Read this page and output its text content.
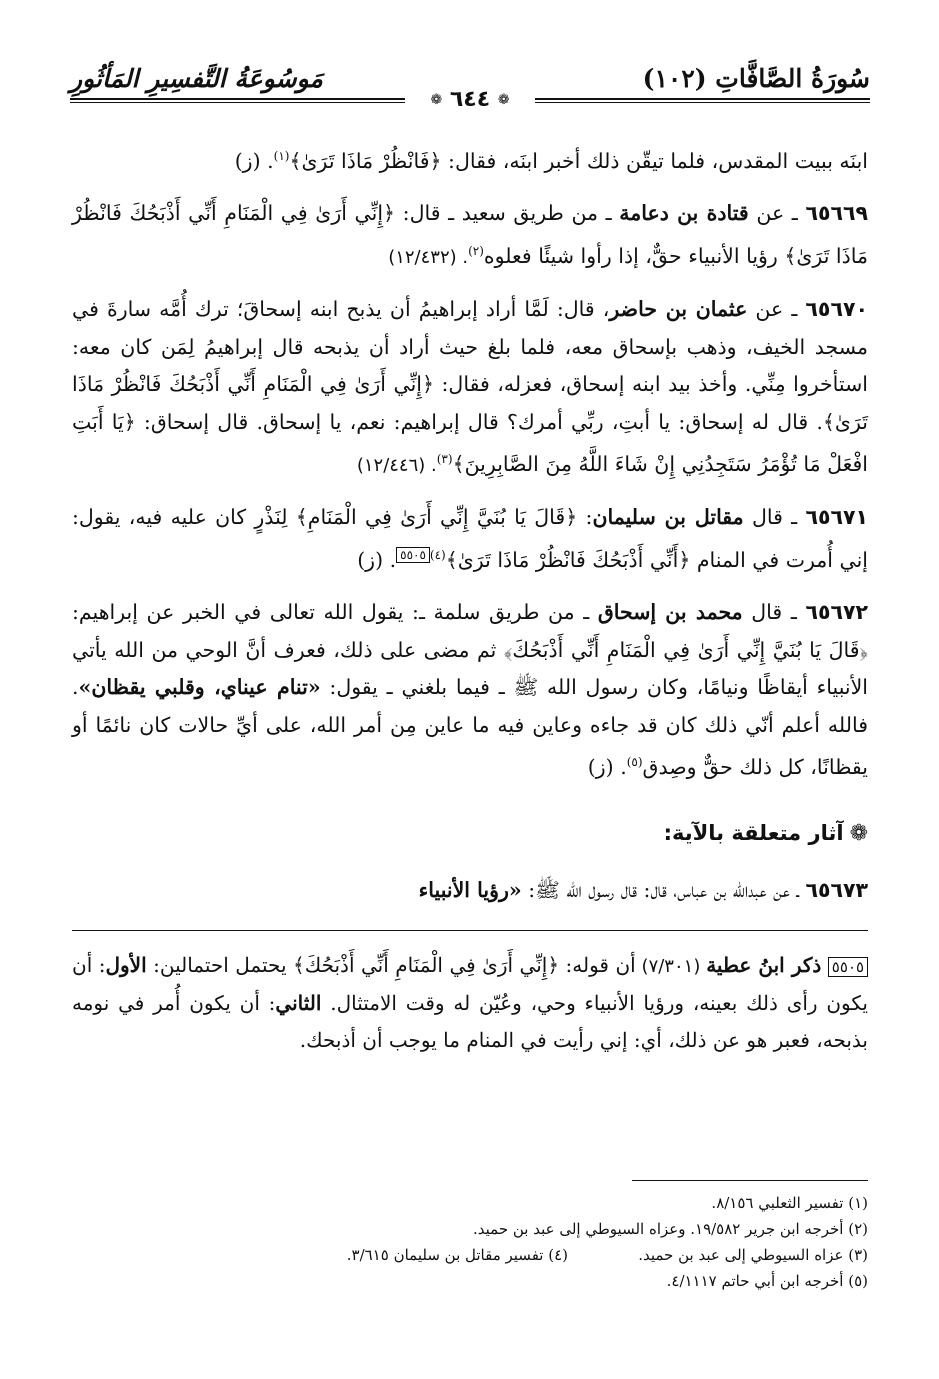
سُورَةُ الصَّافَّاتِ (١٠٢)
مَوسُوعَةُ التَّفسِيرِ المَأثُورِ
❁ ٦٤٤ ❁

ابنَه ببيت المقدس، فلما تيقّن ذلك أخبر ابنَه، فقال: ﴿فَانْظُرْ مَاذَا تَرَىٰ﴾$^{(١)}$. (ز)

٦٥٦٦٩ ـ عن قتادة بن دعامة ـ من طريق سعيد ـ قال: ﴿إِنِّي أَرَىٰ فِي الْمَنَامِ أَنِّي أَذْبَحُكَ فَانْظُرْ مَاذَا تَرَىٰ﴾ رؤيا الأنبياء حقٌّ، إذا رأوا شيئًا فعلوه$^{(٢)}$. (١٢/٤٣٢)

٦٥٦٧٠ ـ عن عثمان بن حاضر، قال: لَمَّا أراد إبراهيمُ أن يذبح ابنه إسحاقَ؛ ترك أُمَّه سارةَ في مسجد الخيف، وذهب بإسحاق معه، فلما بلغ حيث أراد أن يذبحه قال إبراهيمُ لِمَن كان معه: استأخروا مِنِّي. وأخذ بيد ابنه إسحاق، فعزله، فقال: ﴿إِنِّي أَرَىٰ فِي الْمَنَامِ أَنِّي أَذْبَحُكَ فَانْظُرْ مَاذَا تَرَىٰ﴾. قال له إسحاق: يا أبتِ، ربِّي أمرك؟ قال إبراهيم: نعم، يا إسحاق. قال إسحاق: ﴿يَا أَبَتِ افْعَلْ مَا تُؤْمَرُ سَتَجِدُنِي إِنْ شَاءَ اللَّهُ مِنَ الصَّابِرِينَ﴾$^{(٣)}$. (١٢/٤٤٦)

٦٥٦٧١ ـ قال مقاتل بن سليمان: ﴿قَالَ يَا بُنَيَّ إِنِّي أَرَىٰ فِي الْمَنَامِ﴾ لِنَذْرٍ كان عليه فيه، يقول: إني أُمرت في المنام ﴿أَنِّي أَذْبَحُكَ فَانْظُرْ مَاذَا تَرَىٰ﴾$^{(٤)}$٥٥٠٥. (ز)

٦٥٦٧٢ ـ قال محمد بن إسحاق ـ من طريق سلمة ـ: يقول الله تعالى في الخبر عن إبراهيم: ﴿قَالَ يَا بُنَيَّ إِنِّي أَرَىٰ فِي الْمَنَامِ أَنِّي أَذْبَحُكَ﴾ ثم مضى على ذلك، فعرف أنَّ الوحي من الله يأتي الأنبياء أيقاظًا ونيامًا، وكان رسول الله ﷺ ـ فيما بلغني ـ يقول: «تنام عيناي، وقلبي يقظان». فالله أعلم أنّي ذلك كان قد جاءه وعاين فيه ما عاين مِن أمر الله، على أيِّ حالات كان نائمًا أو يقظانًا، كل ذلك حقٌّ وصِدق$^{(٥)}$. (ز)

❁آثار متعلقة بالآية:

٦٥٦٧٣ ـ عن عبدالله بن عباس، قال: قال رسول الله ﷺ: «رؤيا الأنبياء

٥٥٠٥ ذكر ابنُ عطية (٧/٣٠١) أن قوله: ﴿إِنِّي أَرَىٰ فِي الْمَنَامِ أَنِّي أَذْبَحُكَ﴾ يحتمل احتمالين: الأول: أن يكون رأى ذلك بعينه، ورؤيا الأنبياء وحي، وعُيّن له وقت الامتثال. الثاني: أن يكون أُمر في نومه بذبحه، فعبر هو عن ذلك، أي: إني رأيت في المنام ما يوجب أن أذبحك.

(١) تفسير الثعلبي ٨/١٥٦.
(٢) أخرجه ابن جرير ١٩/٥٨٢. وعزاه السيوطي إلى عبد بن حميد.
(٣) عزاه السيوطي إلى عبد بن حميد.
(٤) تفسير مقاتل بن سليمان ٣/٦١٥.
(٥) أخرجه ابن أبي حاتم ٤/١١١٧.
